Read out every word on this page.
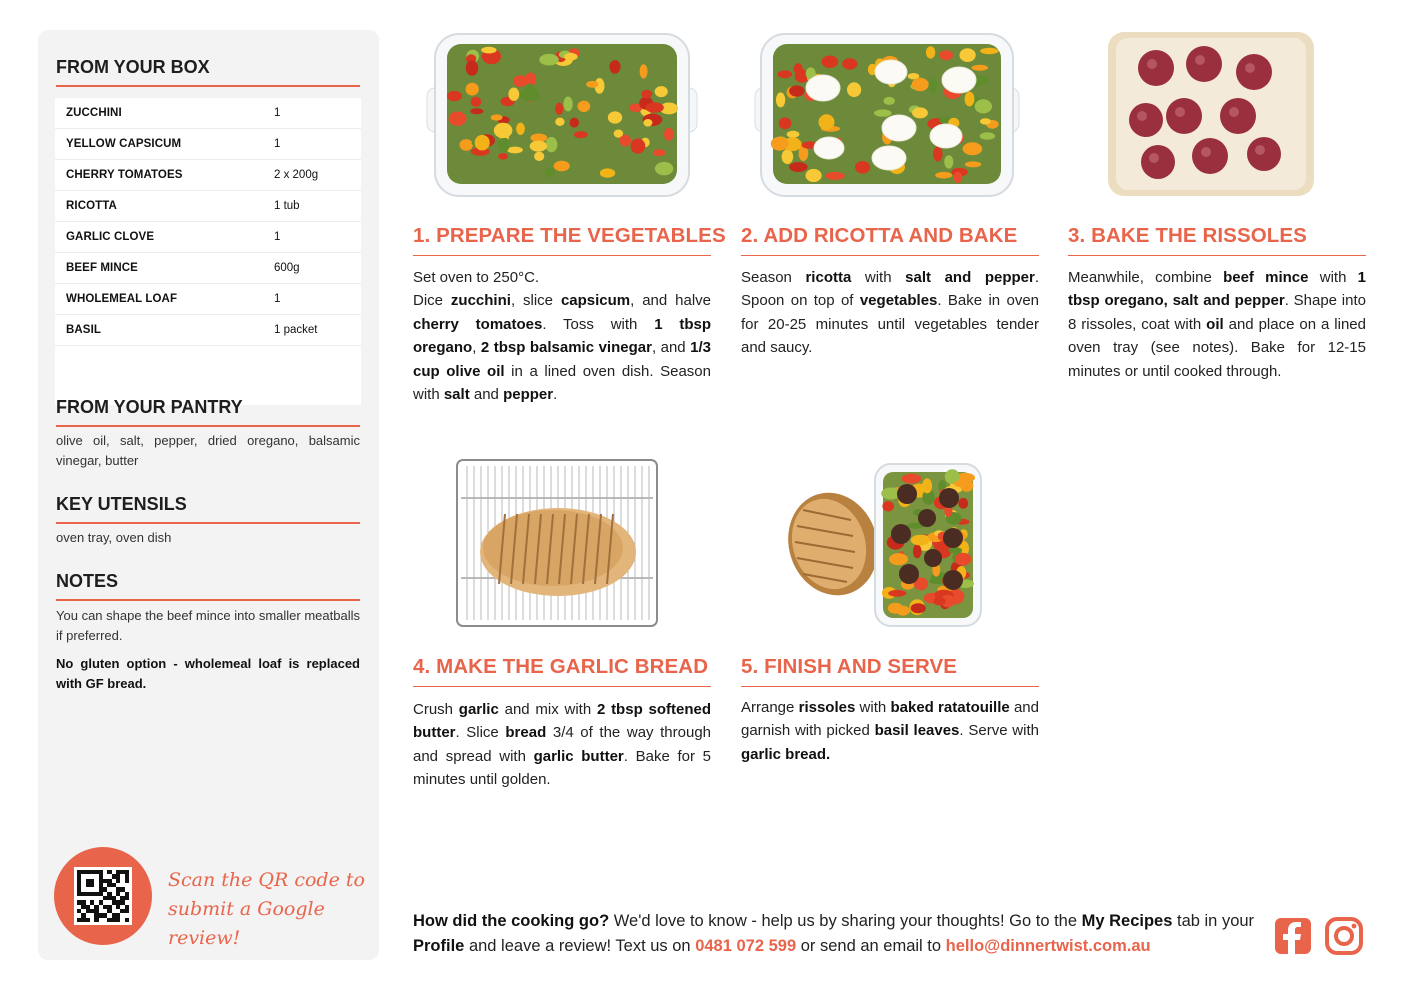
FROM YOUR BOX
ZUCCHINI	1
YELLOW CAPSICUM	1
CHERRY TOMATOES	2 x 200g
RICOTTA	1 tub
GARLIC CLOVE	1
BEEF MINCE	600g
WHOLEMEAL LOAF	1
BASIL	1 packet
FROM YOUR PANTRY
olive oil, salt, pepper, dried oregano, balsamic vinegar, butter
KEY UTENSILS
oven tray, oven dish
NOTES
You can shape the beef mince into smaller meatballs if preferred.
No gluten option - wholemeal loaf is replaced with GF bread.
Scan the QR code to
submit a Google review!
1. PREPARE THE VEGETABLES
Set oven to 250°C.
Dice zucchini, slice capsicum, and halve cherry tomatoes. Toss with 1 tbsp oregano, 2 tbsp balsamic vinegar, and 1/3 cup olive oil in a lined oven dish. Season with salt and pepper.
2. ADD RICOTTA AND BAKE
Season ricotta with salt and pepper. Spoon on top of vegetables. Bake in oven for 20-25 minutes until vegetables tender and saucy.
3. BAKE THE RISSOLES
Meanwhile, combine beef mince with 1 tbsp oregano, salt and pepper. Shape into 8 rissoles, coat with oil and place on a lined oven tray (see notes). Bake for 12-15 minutes or until cooked through.
4. MAKE THE GARLIC BREAD
Crush garlic and mix with 2 tbsp softened butter. Slice bread 3/4 of the way through and spread with garlic butter. Bake for 5 minutes until golden.
5. FINISH AND SERVE
Arrange rissoles with baked ratatouille and garnish with picked basil leaves. Serve with garlic bread.
How did the cooking go? We'd love to know - help us by sharing your thoughts! Go to the My Recipes tab in your Profile and leave a review! Text us on 0481 072 599 or send an email to hello@dinnertwist.com.au
